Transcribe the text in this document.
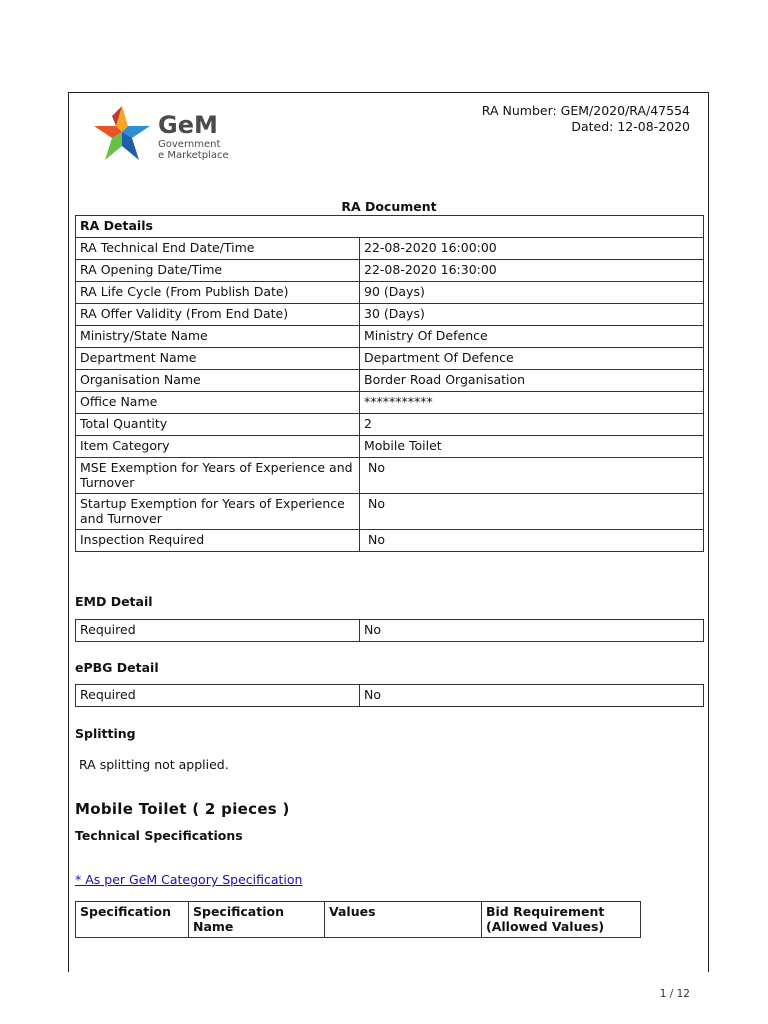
GeM
Government
e Marketplace
RA Number: GEM/2020/RA/47554
Dated: 12-08-2020
RA Document
RA Details	
RA Technical End Date/Time	22-08-2020 16:00:00
RA Opening Date/Time	22-08-2020 16:30:00
RA Life Cycle (From Publish Date)	90 (Days)
RA Offer Validity (From End Date)	30 (Days)
Ministry/State Name	Ministry Of Defence
Department Name	Department Of Defence
Organisation Name	Border Road Organisation
Office Name	***********
Total Quantity	2
Item Category	Mobile Toilet
MSE Exemption for Years of Experience and Turnover	No
Startup Exemption for Years of Experience and Turnover	No
Inspection Required	No
EMD Detail
Required	No
ePBG Detail
Required	No
Splitting
RA splitting not applied.
Mobile Toilet ( 2 pieces )
Technical Specifications
* As per GeM Category Specification
Specification	Specification Name	Values	Bid Requirement (Allowed Values)
1 / 12
